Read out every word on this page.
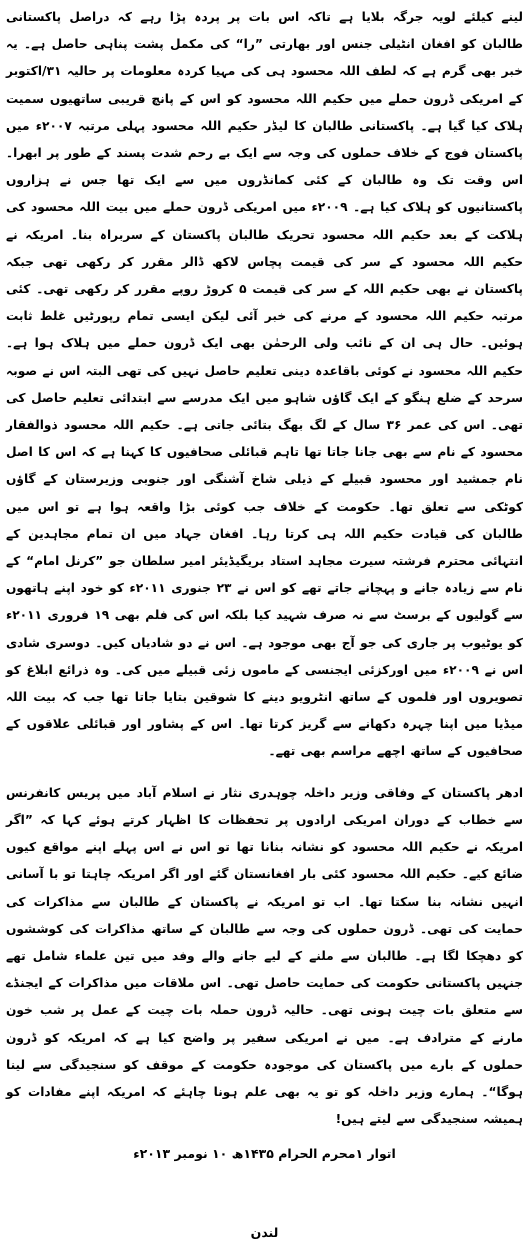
لینے کیلئے لویہ جرگہ بلایا ہے تاکہ اس بات پر پردہ پڑا رہے کہ دراصل پاکستانی طالبان کو افغان انٹیلی جنس اور بھارتی ”را“ کی مکمل پشت پناہی حاصل ہے۔ یہ خبر بھی گرم ہے کہ لطف اللہ محسود ہی کی مہیا کردہ معلومات پر حالیہ ۳۱/اکتوبر کے امریکی ڈرون حملے میں حکیم اللہ محسود کو اس کے پانچ قریبی ساتھیوں سمیت ہلاک کیا گیا ہے۔ پاکستانی طالبان کا لیڈر حکیم اللہ محسود پہلی مرتبہ ۲۰۰۷ء میں پاکستان فوج کے خلاف حملوں کی وجہ سے ایک بے رحم شدت پسند کے طور پر ابھرا۔ اس وقت تک وہ طالبان کے کئی کمانڈروں میں سے ایک تھا جس نے ہزاروں پاکستانیوں کو ہلاک کیا ہے۔ ۲۰۰۹ء میں امریکی ڈرون حملے میں بیت اللہ محسود کی ہلاکت کے بعد حکیم اللہ محسود تحریک طالبان پاکستان کے سربراہ بنا۔ امریکہ نے حکیم اللہ محسود کے سر کی قیمت پچاس لاکھ ڈالر مقرر کر رکھی تھی جبکہ پاکستان نے بھی حکیم اللہ کے سر کی قیمت ۵ کروڑ روپے مقرر کر رکھی تھی۔ کئی مرتبہ حکیم اللہ محسود کے مرنے کی خبر آئی لیکن ایسی تمام رپورٹیں غلط ثابت ہوئیں۔ حال ہی ان کے نائب ولی الرحمٰن بھی ایک ڈرون حملے میں ہلاک ہوا ہے۔ حکیم اللہ محسود نے کوئی باقاعدہ دینی تعلیم حاصل نہیں کی تھی البتہ اس نے صوبہ سرحد کے ضلع ہنگو کے ایک گاؤں شاہو میں ایک مدرسے سے ابتدائی تعلیم حاصل کی تھی۔ اس کی عمر ۳۶ سال کے لگ بھگ بتائی جاتی ہے۔ حکیم اللہ محسود ذوالفقار محسود کے نام سے بھی جانا جاتا تھا تاہم قبائلی صحافیوں کا کہنا ہے کہ اس کا اصل نام جمشید اور محسود قبیلے کے ذیلی شاخ آشنگی اور جنوبی وزیرستان کے گاؤں کوٹکی سے تعلق تھا۔ حکومت کے خلاف جب کوئی بڑا واقعہ ہوا ہے تو اس میں طالبان کی قیادت حکیم اللہ ہی کرتا رہا۔ افغان جہاد میں ان تمام مجاہدین کے انتہائی محترم فرشتہ سیرت مجاہد استاد بریگیڈیئر امیر سلطان جو ”کرنل امام“ کے نام سے زیادہ جانے و پہچانے جاتے تھے کو اس نے ۲۳ جنوری ۲۰۱۱ء کو خود اپنے ہاتھوں سے گولیوں کے برسٹ سے نہ صرف شہید کیا بلکہ اس کی فلم بھی ۱۹ فروری ۲۰۱۱ء کو یوٹیوب پر جاری کی جو آج بھی موجود ہے۔ اس نے دو شادیاں کیں۔ دوسری شادی اس نے ۲۰۰۹ء میں اورکزئی ایجنسی کے ماموں زئی قبیلے میں کی۔ وہ ذرائع ابلاغ کو تصویروں اور فلموں کے ساتھ انٹرویو دینے کا شوقین بتایا جاتا تھا جب کہ بیت اللہ میڈیا میں اپنا چہرہ دکھانے سے گریز کرتا تھا۔ اس کے پشاور اور قبائلی علاقوں کے صحافیوں کے ساتھ اچھے مراسم بھی تھے۔

ادھر پاکستان کے وفاقی وزیر داخلہ چوہدری نثار نے اسلام آباد میں پریس کانفرنس سے خطاب کے دوران امریکی ارادوں پر تحفظات کا اظہار کرتے ہوئے کہا کہ ”اگر امریکہ نے حکیم اللہ محسود کو نشانہ بنانا تھا تو اس نے اس پہلے اپنے مواقع کیوں ضائع کیے۔ حکیم اللہ محسود کئی بار افغانستان گئے اور اگر امریکہ چاہتا تو با آسانی انہیں نشانہ بنا سکتا تھا۔ اب تو امریکہ نے پاکستان کے طالبان سے مذاکرات کی حمایت کی تھی۔ ڈرون حملوں کی وجہ سے طالبان کے ساتھ مذاکرات کی کوششوں کو دھچکا لگا ہے۔ طالبان سے ملنے کے لیے جانے والے وفد میں تین علماء شامل تھے جنہیں پاکستانی حکومت کی حمایت حاصل تھی۔ اس ملاقات میں مذاکرات کے ایجنڈے سے متعلق بات چیت ہونی تھی۔ حالیہ ڈرون حملہ بات چیت کے عمل پر شب خون مارنے کے مترادف ہے۔ میں نے امریکی سفیر پر واضح کیا ہے کہ امریکہ کو ڈرون حملوں کے بارے میں پاکستان کی موجودہ حکومت کے موقف کو سنجیدگی سے لینا ہوگا“۔ ہمارے وزیر داخلہ کو تو یہ بھی علم ہونا چاہئے کہ امریکہ اپنے مفادات کو ہمیشہ سنجیدگی سے لیتے ہیں!

اتوار ۱محرم الحرام ۱۴۳۵ھ ۱۰ نومبر ۲۰۱۳ء
لندن
